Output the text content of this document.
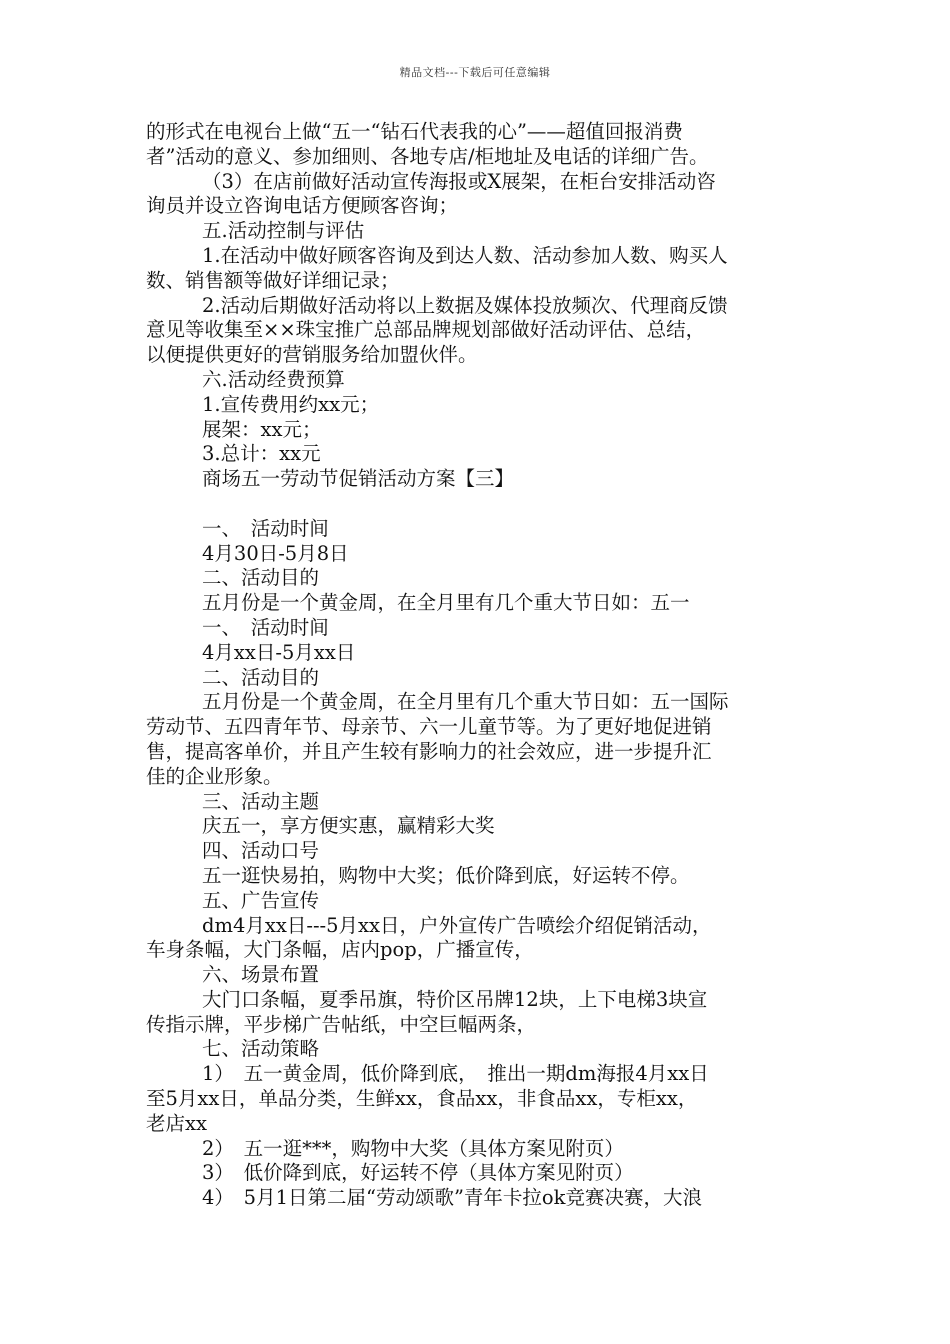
精品文档---下载后可任意编辑
的形式在电视台上做“五一“钻石代表我的心”——超值回报消费
者”活动的意义、参加细则、各地专店/柜地址及电话的详细广告。
（3）在店前做好活动宣传海报或X展架，在柜台安排活动咨
询员并设立咨询电话方便顾客咨询；
五.活动控制与评估
1.在活动中做好顾客咨询及到达人数、活动参加人数、购买人
数、销售额等做好详细记录；
2.活动后期做好活动将以上数据及媒体投放频次、代理商反馈
意见等收集至××珠宝推广总部品牌规划部做好活动评估、总结，
以便提供更好的营销服务给加盟伙伴。
六.活动经费预算
1.宣传费用约xx元；
展架：xx元；
3.总计：xx元
商场五一劳动节促销活动方案【三】
一、　活动时间
4月30日-5月8日
二、活动目的
五月份是一个黄金周，在全月里有几个重大节日如：五一
一、　活动时间
4月xx日-5月xx日
二、活动目的
五月份是一个黄金周，在全月里有几个重大节日如：五一国际
劳动节、五四青年节、母亲节、六一儿童节等。为了更好地促进销
售，提高客单价，并且产生较有影响力的社会效应，进一步提升汇
佳的企业形象。
三、活动主题
庆五一，享方便实惠，赢精彩大奖
四、活动口号
五一逛快易拍，购物中大奖；低价降到底，好运转不停。
五、广告宣传
dm4月xx日---5月xx日，户外宣传广告喷绘介绍促销活动，
车身条幅，大门条幅，店内pop，广播宣传，
六、场景布置
大门口条幅，夏季吊旗，特价区吊牌12块，上下电梯3块宣
传指示牌，平步梯广告帖纸，中空巨幅两条，
七、活动策略
1）　五一黄金周，低价降到底，　推出一期dm海报4月xx日
至5月xx日，单品分类，生鲜xx，食品xx，非食品xx，专柜xx，
老店xx
2）　五一逛***，购物中大奖（具体方案见附页）
3）　低价降到底，好运转不停（具体方案见附页）
4）　5月1日第二届“劳动颂歌”青年卡拉ok竞赛决赛，大浪
